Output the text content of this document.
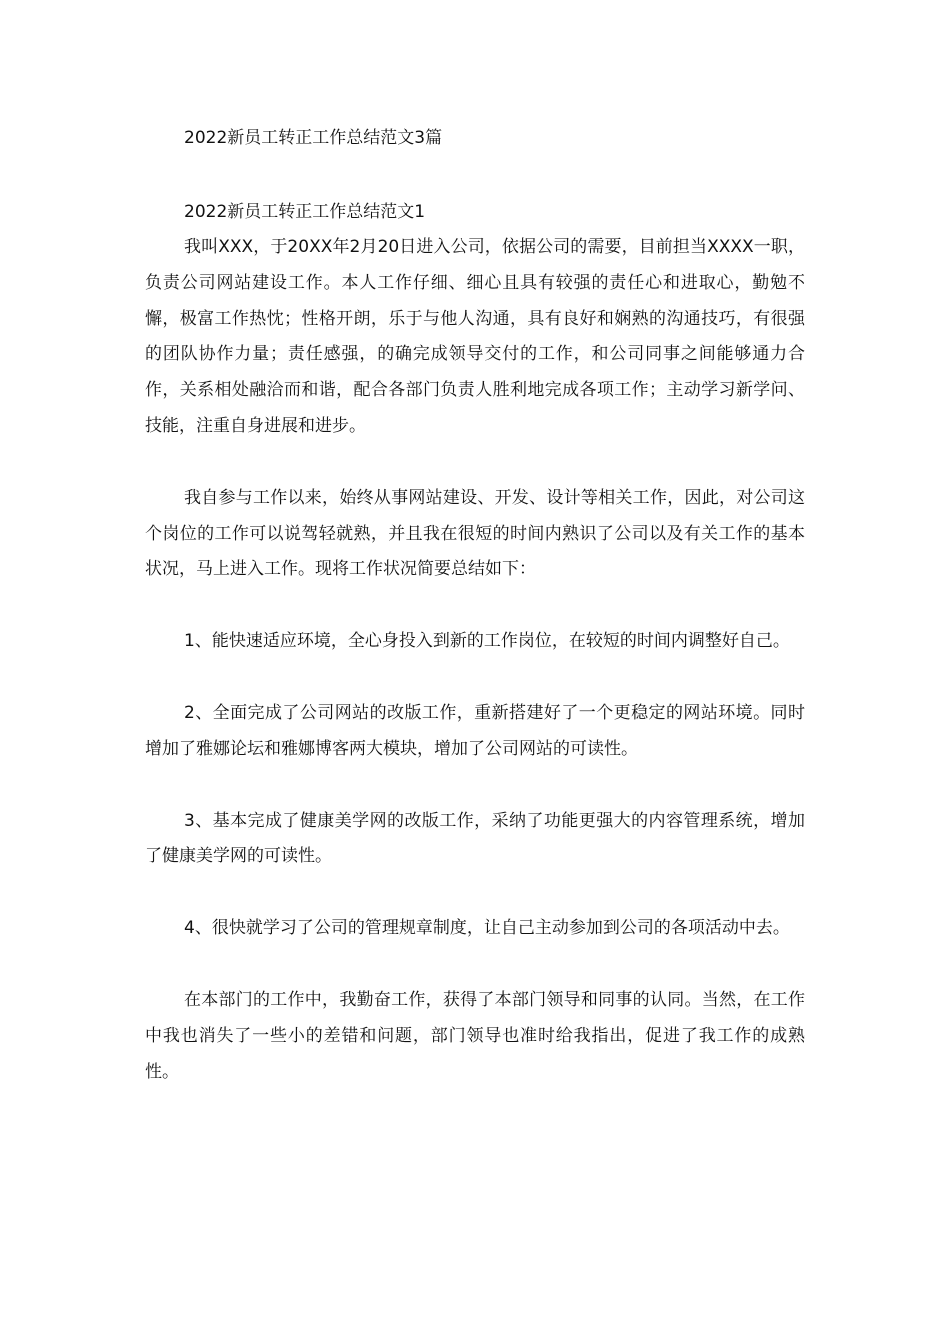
2022新员工转正工作总结范文3篇
2022新员工转正工作总结范文1

我叫XXX，于20XX年2月20日进入公司，依据公司的需要，目前担当XXXX一职，负责公司网站建设工作。本人工作仔细、细心且具有较强的责任心和进取心，勤勉不懈，极富工作热忱；性格开朗，乐于与他人沟通，具有良好和娴熟的沟通技巧，有很强的团队协作力量；责任感强，的确完成领导交付的工作，和公司同事之间能够通力合作，关系相处融洽而和谐，配合各部门负责人胜利地完成各项工作；主动学习新学问、技能，注重自身进展和进步。

我自参与工作以来，始终从事网站建设、开发、设计等相关工作，因此，对公司这个岗位的工作可以说驾轻就熟，并且我在很短的时间内熟识了公司以及有关工作的基本状况，马上进入工作。现将工作状况简要总结如下：

1、能快速适应环境，全心身投入到新的工作岗位，在较短的时间内调整好自己。

2、全面完成了公司网站的改版工作，重新搭建好了一个更稳定的网站环境。同时增加了雅娜论坛和雅娜博客两大模块，增加了公司网站的可读性。

3、基本完成了健康美学网的改版工作，采纳了功能更强大的内容管理系统，增加了健康美学网的可读性。

4、很快就学习了公司的管理规章制度，让自己主动参加到公司的各项活动中去。

在本部门的工作中，我勤奋工作，获得了本部门领导和同事的认同。当然，在工作中我也消失了一些小的差错和问题，部门领导也准时给我指出，促进了我工作的成熟性。
